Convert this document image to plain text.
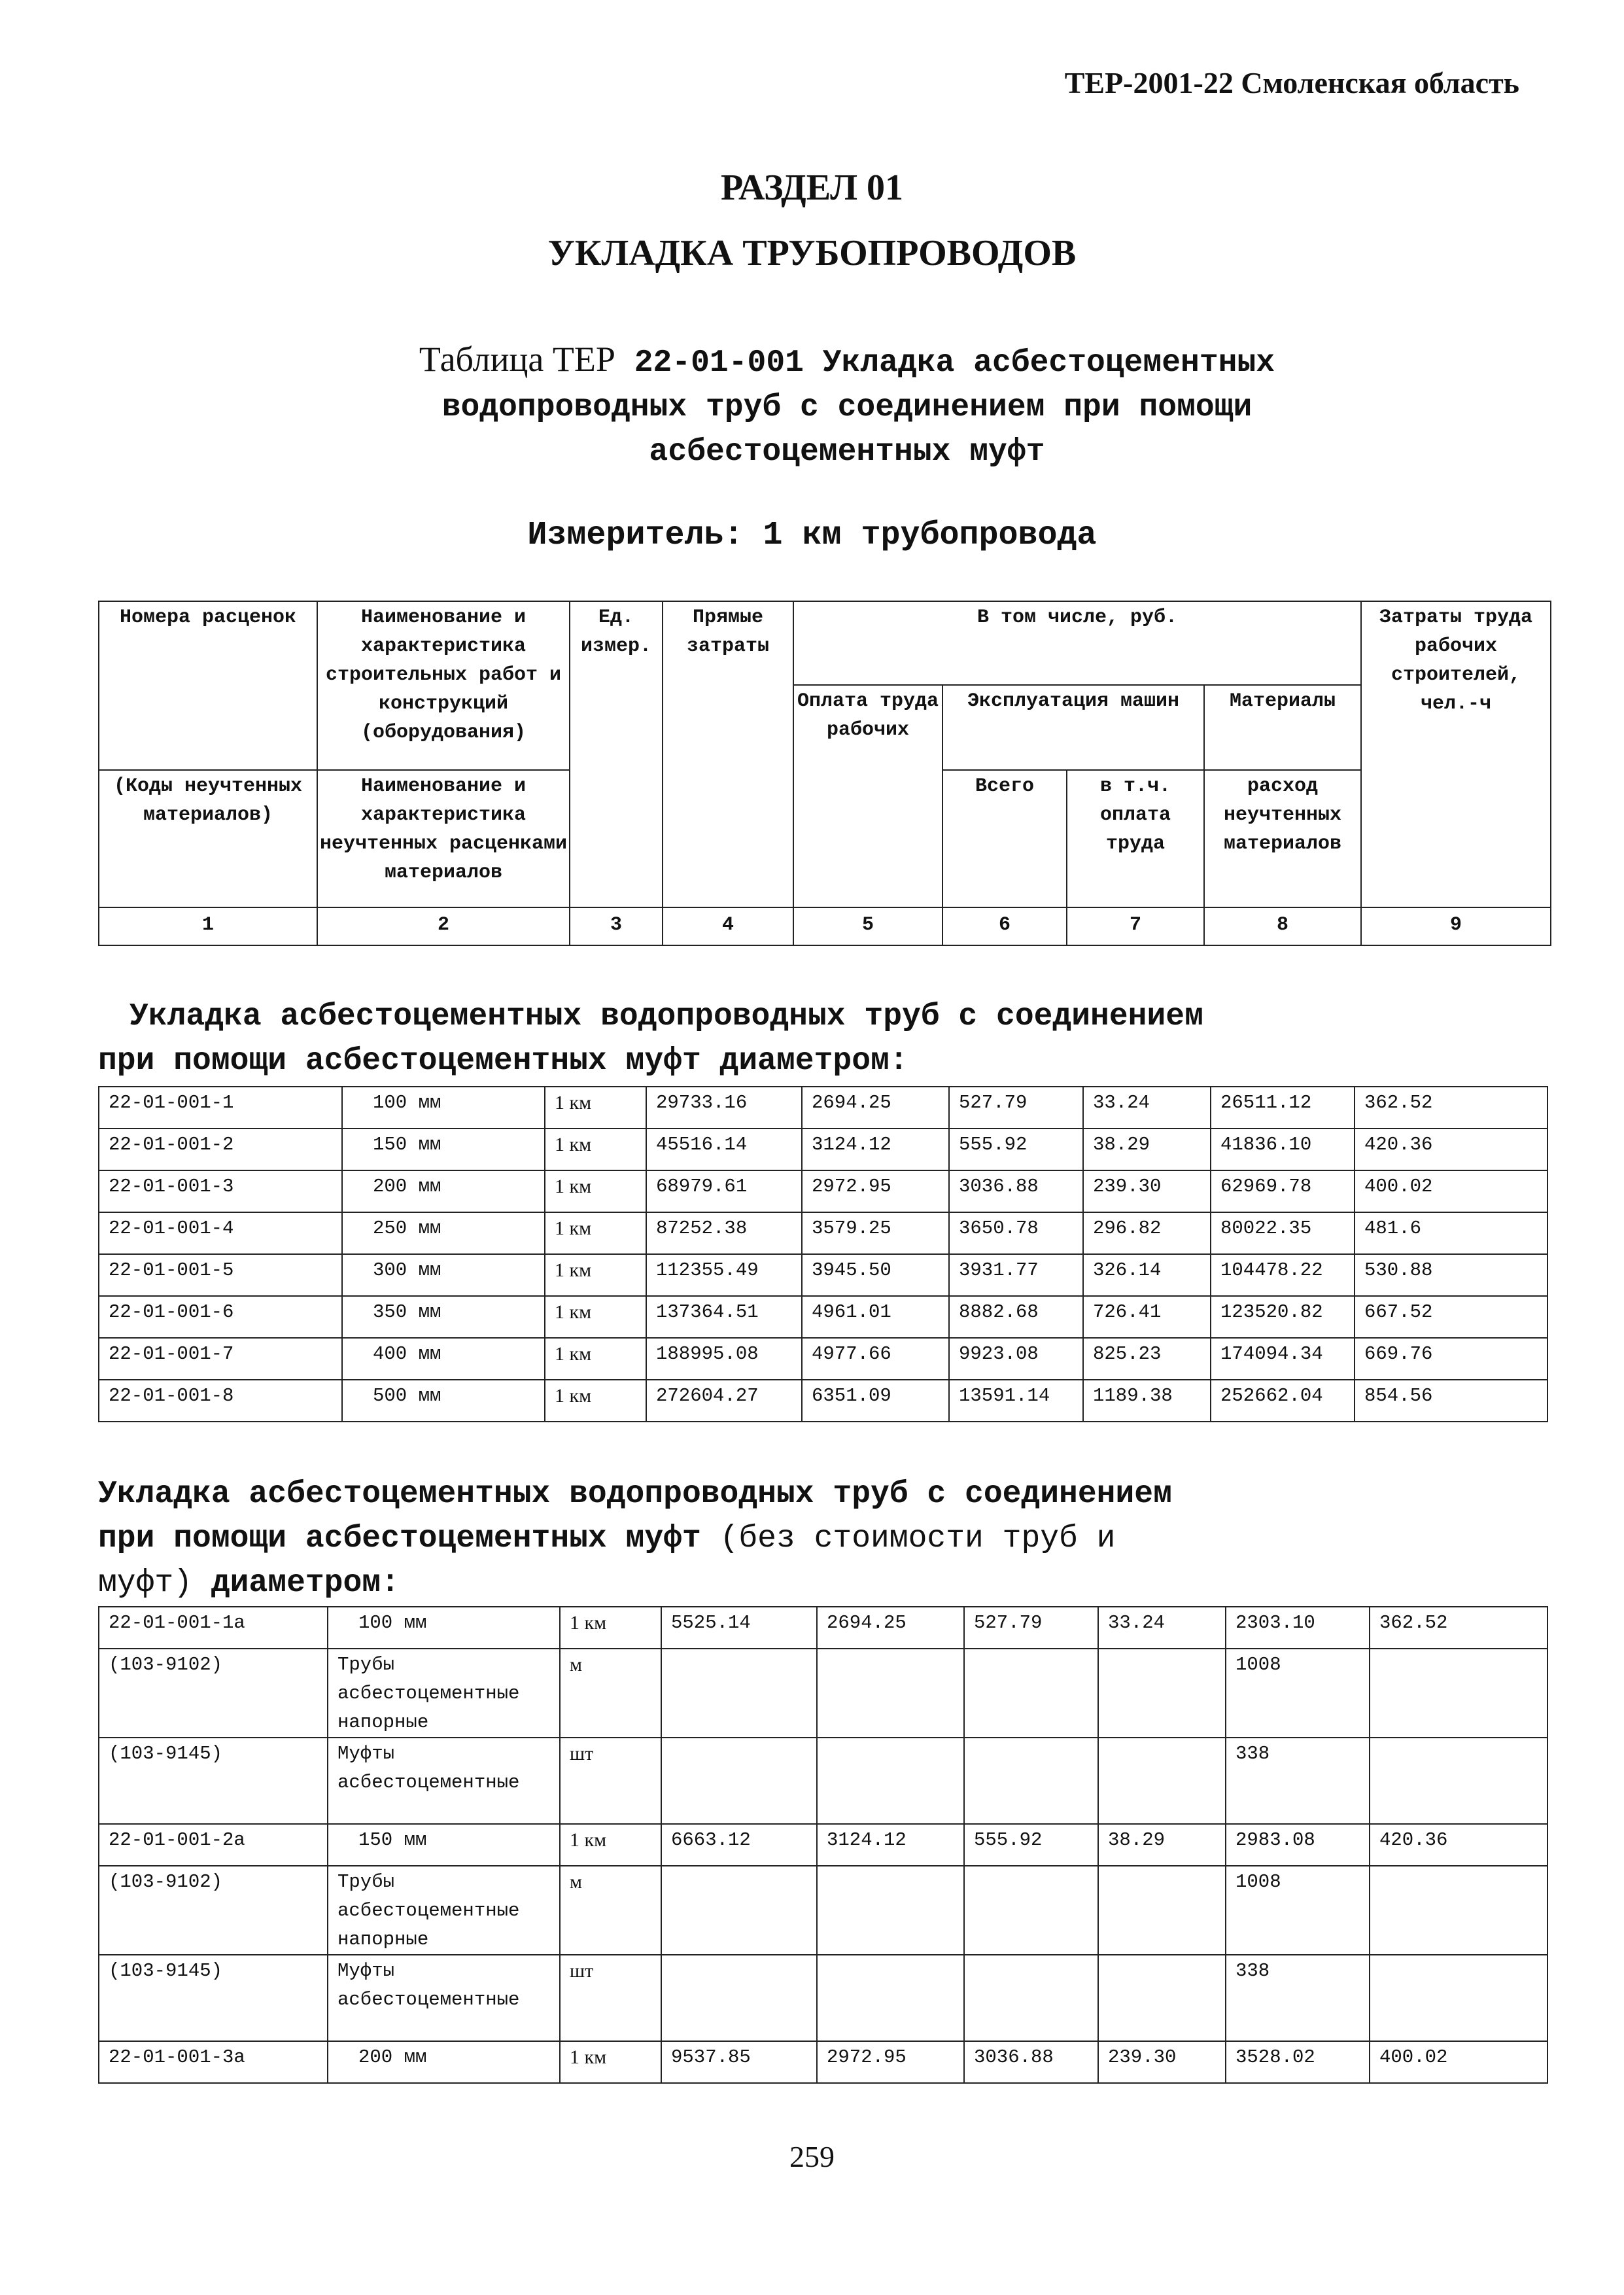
ТЕР-2001-22 Смоленская область
РАЗДЕЛ 01
УКЛАДКА ТРУБОПРОВОДОВ
Таблица ТЕР 22-01-001 Укладка асбестоцементных
водопроводных труб с соединением при помощи
асбестоцементных муфт
Измеритель: 1 км трубопровода
Номера расценок	Наименование и характеристика строительных работ и конструкций (оборудования)	Ед. измер.	Прямые затраты	В том числе, руб.				Затраты труда рабочих строителей, чел.-ч
				Оплата труда рабочих	Эксплуатация машин		Материалы	
(Коды неучтенных материалов)	Наименование и характеристика неучтенных расценками материалов				Всего	в т.ч. оплата труда	расход неучтенных материалов	
1	2	3	4	5	6	7	8	9
Укладка асбестоцементных водопроводных труб с соединением
при помощи асбестоцементных муфт диаметром:
22-01-001-1	100 мм	1 км	29733.16	2694.25	527.79	33.24	26511.12	362.52
22-01-001-2	150 мм	1 км	45516.14	3124.12	555.92	38.29	41836.10	420.36
22-01-001-3	200 мм	1 км	68979.61	2972.95	3036.88	239.30	62969.78	400.02
22-01-001-4	250 мм	1 км	87252.38	3579.25	3650.78	296.82	80022.35	481.6
22-01-001-5	300 мм	1 км	112355.49	3945.50	3931.77	326.14	104478.22	530.88
22-01-001-6	350 мм	1 км	137364.51	4961.01	8882.68	726.41	123520.82	667.52
22-01-001-7	400 мм	1 км	188995.08	4977.66	9923.08	825.23	174094.34	669.76
22-01-001-8	500 мм	1 км	272604.27	6351.09	13591.14	1189.38	252662.04	854.56
Укладка асбестоцементных водопроводных труб с соединением
при помощи асбестоцементных муфт (без стоимости труб и
муфт) диаметром:
22-01-001-1а	100 мм	1 км	5525.14	2694.25	527.79	33.24	2303.10	362.52
(103-9102)	Трубы асбестоцементные напорные	м					1008	
(103-9145)	Муфты асбестоцементные	шт					338	
22-01-001-2а	150 мм	1 км	6663.12	3124.12	555.92	38.29	2983.08	420.36
(103-9102)	Трубы асбестоцементные напорные	м					1008	
(103-9145)	Муфты асбестоцементные	шт					338	
22-01-001-3а	200 мм	1 км	9537.85	2972.95	3036.88	239.30	3528.02	400.02
259
